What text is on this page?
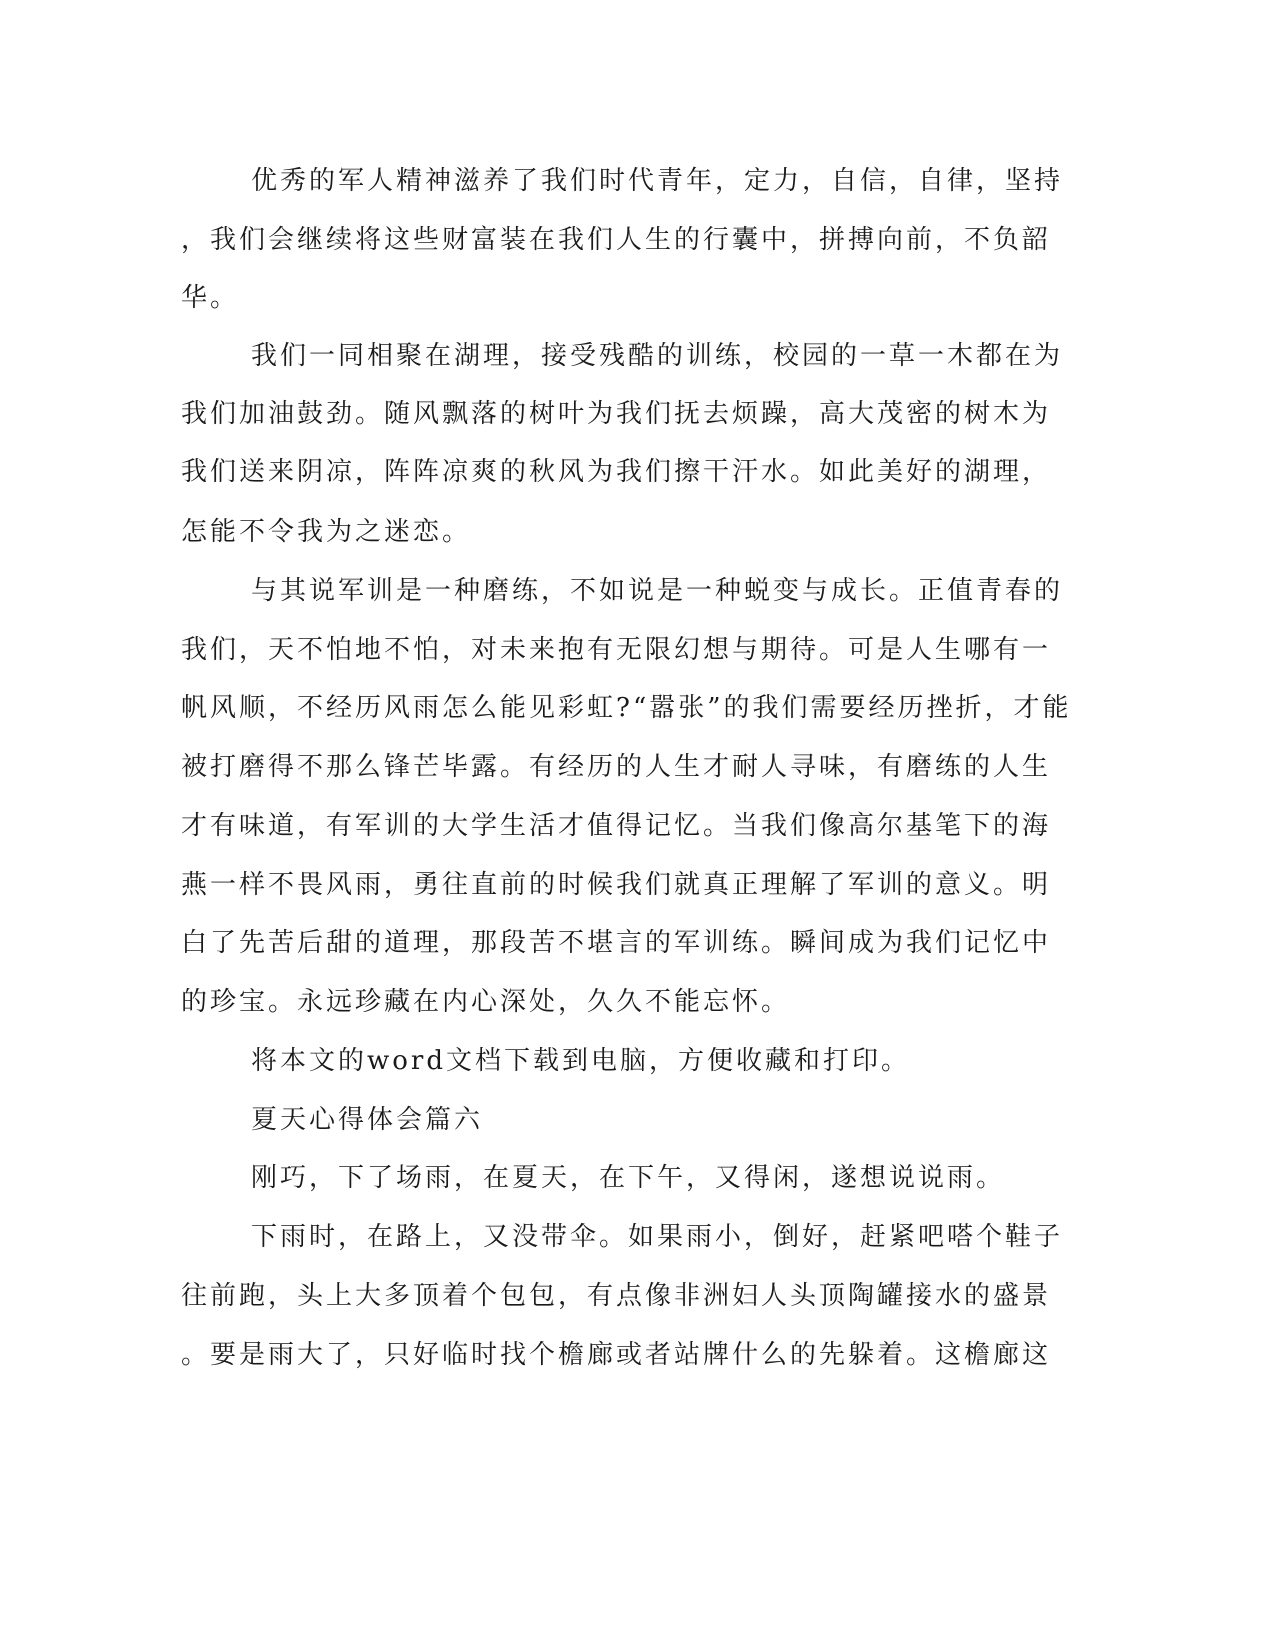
优秀的军人精神滋养了我们时代青年，定力，自信，自律，坚持
，我们会继续将这些财富装在我们人生的行囊中，拼搏向前，不负韶
华。
我们一同相聚在湖理，接受残酷的训练，校园的一草一木都在为
我们加油鼓劲。随风飘落的树叶为我们抚去烦躁，高大茂密的树木为
我们送来阴凉，阵阵凉爽的秋风为我们擦干汗水。如此美好的湖理，
怎能不令我为之迷恋。
与其说军训是一种磨练，不如说是一种蜕变与成长。正值青春的
我们，天不怕地不怕，对未来抱有无限幻想与期待。可是人生哪有一
帆风顺，不经历风雨怎么能见彩虹?“嚣张”的我们需要经历挫折，才能
被打磨得不那么锋芒毕露。有经历的人生才耐人寻味，有磨练的人生
才有味道，有军训的大学生活才值得记忆。当我们像高尔基笔下的海
燕一样不畏风雨，勇往直前的时候我们就真正理解了军训的意义。明
白了先苦后甜的道理，那段苦不堪言的军训练。瞬间成为我们记忆中
的珍宝。永远珍藏在内心深处，久久不能忘怀。
将本文的word文档下载到电脑，方便收藏和打印。
夏天心得体会篇六
刚巧，下了场雨，在夏天，在下午，又得闲，遂想说说雨。
下雨时，在路上，又没带伞。如果雨小，倒好，赶紧吧嗒个鞋子
往前跑，头上大多顶着个包包，有点像非洲妇人头顶陶罐接水的盛景
。要是雨大了，只好临时找个檐廊或者站牌什么的先躲着。这檐廊这
